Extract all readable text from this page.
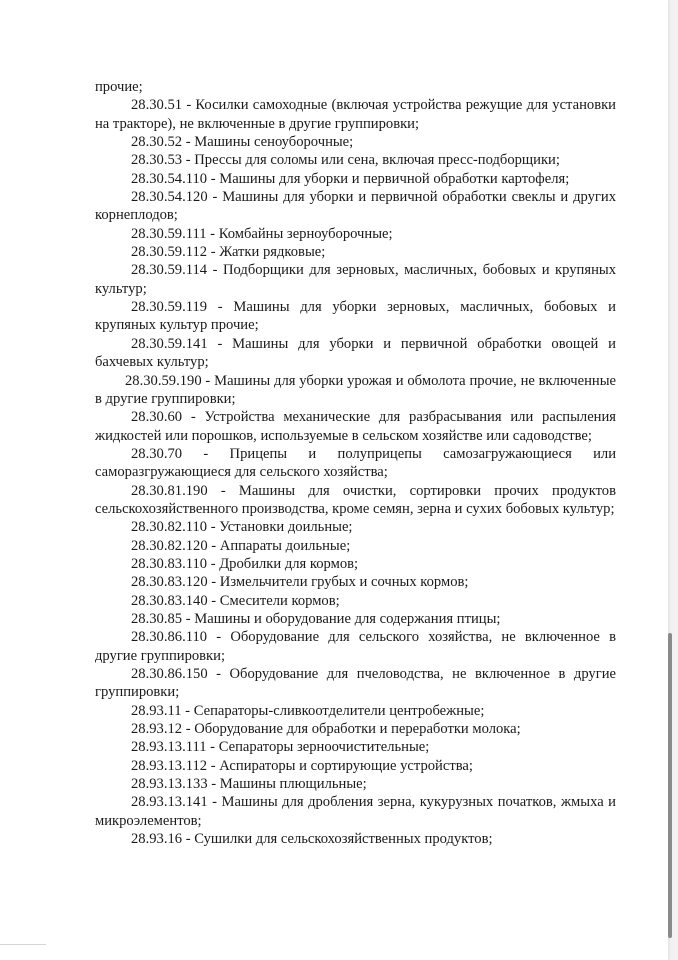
прочие;

28.30.51 - Косилки самоходные (включая устройства режущие для установки на тракторе), не включенные в другие группировки;

28.30.52 - Машины сеноуборочные;

28.30.53 - Прессы для соломы или сена, включая пресс-подборщики;

28.30.54.110 - Машины для уборки и первичной обработки картофеля;

28.30.54.120 - Машины для уборки и первичной обработки свеклы и других корнеплодов;

28.30.59.111 - Комбайны зерноуборочные;

28.30.59.112 - Жатки рядковые;

28.30.59.114 - Подборщики для зерновых, масличных, бобовых и крупяных культур;

28.30.59.119 - Машины для уборки зерновых, масличных, бобовых и крупяных культур прочие;

28.30.59.141 - Машины для уборки и первичной обработки овощей и бахчевых культур;

28.30.59.190 - Машины для уборки урожая и обмолота прочие, не включенные в другие группировки;

28.30.60 - Устройства механические для разбрасывания или распыления жидкостей или порошков, используемые в сельском хозяйстве или садоводстве;

28.30.70 - Прицепы и полуприцепы самозагружающиеся или саморазгружающиеся для сельского хозяйства;

28.30.81.190 - Машины для очистки, сортировки прочих продуктов сельскохозяйственного производства, кроме семян, зерна и сухих бобовых культур;

28.30.82.110 - Установки доильные;

28.30.82.120 - Аппараты доильные;

28.30.83.110 - Дробилки для кормов;

28.30.83.120 - Измельчители грубых и сочных кормов;

28.30.83.140 - Смесители кормов;

28.30.85 - Машины и оборудование для содержания птицы;

28.30.86.110 - Оборудование для сельского хозяйства, не включенное в другие группировки;

28.30.86.150 - Оборудование для пчеловодства, не включенное в другие группировки;

28.93.11 - Сепараторы-сливкоотделители центробежные;

28.93.12 - Оборудование для обработки и переработки молока;

28.93.13.111 - Сепараторы зерноочистительные;

28.93.13.112 - Аспираторы и сортирующие устройства;

28.93.13.133 - Машины плющильные;

28.93.13.141 - Машины для дробления зерна, кукурузных початков, жмыха и микроэлементов;

28.93.16 - Сушилки для сельскохозяйственных продуктов;
